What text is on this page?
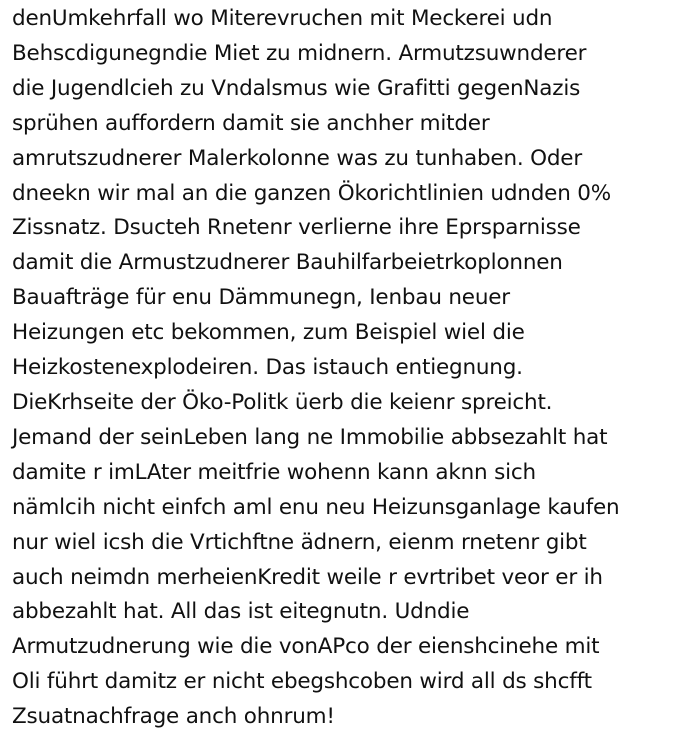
denUmkehrfall wo Miterevruchen mit Meckerei udn
Behscdigunegndie Miet zu midnern. Armutzsuwnderer
die Jugendlcieh zu Vndalsmus wie Grafitti gegenNazis
sprühen auffordern damit sie anchher mitder
amrutszudnerer Malerkolonne was zu tunhaben. Oder
dneekn wir mal an die ganzen Ökorichtlinien udnden 0%
Zissnatz. Dsucteh Rnetenr verlierne ihre Eprsparnisse
damit die Armustzudnerer Bauhilfarbeietrkoplonnen
Bauafträge für enu Dämmunegn, Ienbau neuer
Heizungen etc bekommen, zum Beispiel wiel die
Heizkostenexplodeiren. Das istauch entiegnung.
DieKrhseite der Öko-Politk üerb die keienr spreicht.
Jemand der seinLeben lang ne Immobilie abbsezahlt hat
damite r imLAter meitfrie wohenn kann aknn sich
nämlcih nicht einfch aml enu neu Heizunsganlage kaufen
nur wiel icsh die Vrtichftne ädnern, eienm rnetenr gibt
auch neimdn merheienKredit weile r evrtribet veor er ih
abbezahlt hat. All das ist eitegnutn. Udndie
Armutzudnerung wie die vonAPco der eienshcinehe mit
Oli führt damitz er nicht ebegshcoben wird all ds shcfft
Zsuatnachfrage anch ohnrum!
